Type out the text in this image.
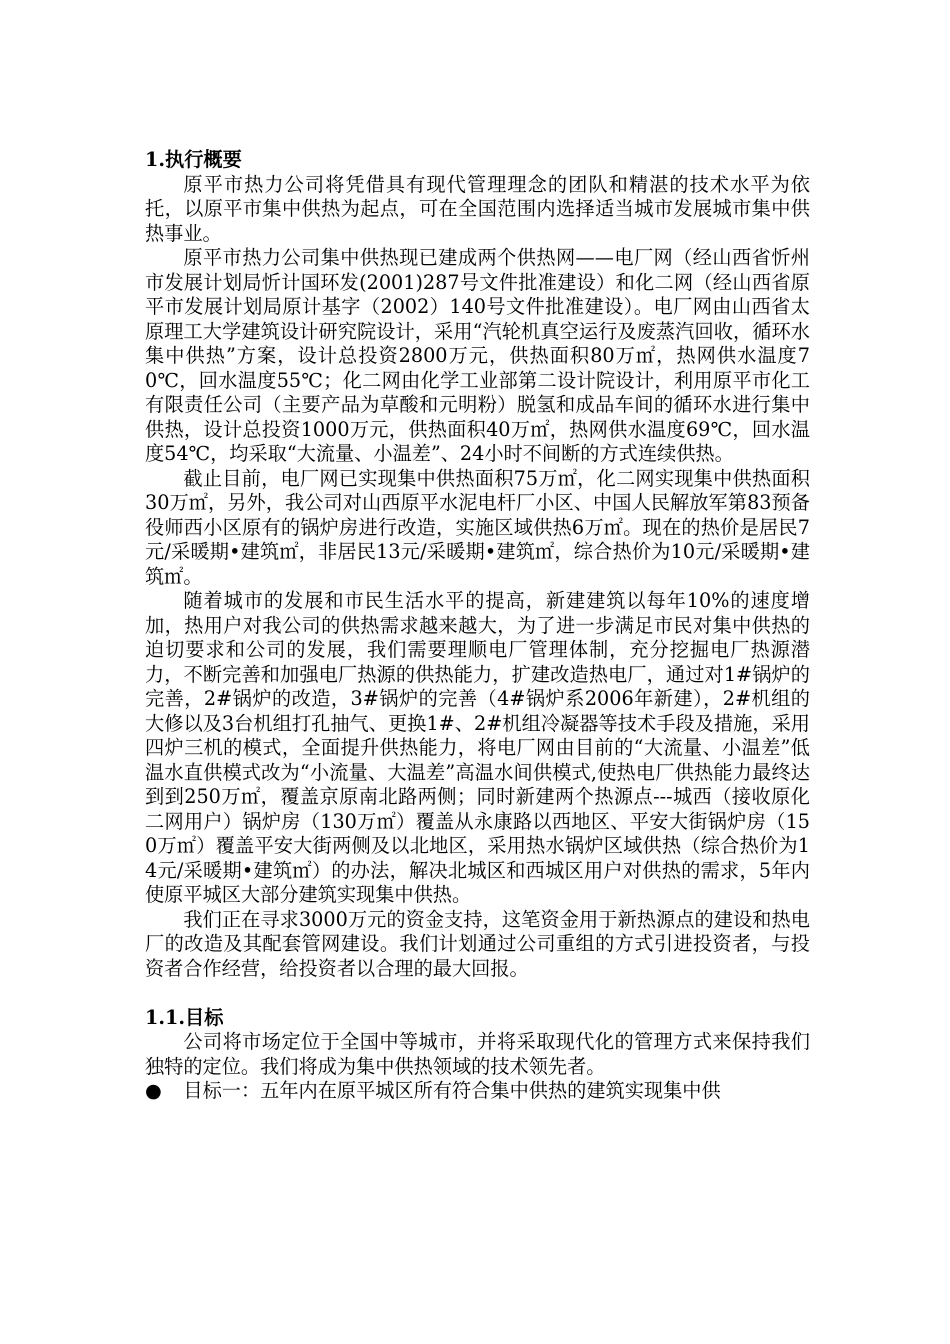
1.执行概要

原平市热力公司将凭借具有现代管理理念的团队和精湛的技术水平为依托，以原平市集中供热为起点，可在全国范围内选择适当城市发展城市集中供热事业。

原平市热力公司集中供热现已建成两个供热网——电厂网（经山西省忻州市发展计划局忻计国环发(2001)287号文件批准建设）和化二网（经山西省原平市发展计划局原计基字（2002）140号文件批准建设）。电厂网由山西省太原理工大学建筑设计研究院设计，采用“汽轮机真空运行及废蒸汽回收，循环水集中供热”方案，设计总投资2800万元，供热面积80万㎡，热网供水温度70℃，回水温度55℃；化二网由化学工业部第二设计院设计，利用原平市化工有限责任公司（主要产品为草酸和元明粉）脱氢和成品车间的循环水进行集中供热，设计总投资1000万元，供热面积40万㎡，热网供水温度69℃，回水温度54℃，均采取“大流量、小温差”、24小时不间断的方式连续供热。

截止目前，电厂网已实现集中供热面积75万㎡，化二网实现集中供热面积30万㎡，另外，我公司对山西原平水泥电杆厂小区、中国人民解放军第83预备役师西小区原有的锅炉房进行改造，实施区域供热6万㎡。现在的热价是居民7元/采暖期•建筑㎡，非居民13元/采暖期•建筑㎡，综合热价为10元/采暖期•建筑㎡。

随着城市的发展和市民生活水平的提高，新建建筑以每年10%的速度增加，热用户对我公司的供热需求越来越大，为了进一步满足市民对集中供热的迫切要求和公司的发展，我们需要理顺电厂管理体制，充分挖掘电厂热源潜力，不断完善和加强电厂热源的供热能力，扩建改造热电厂，通过对1#锅炉的完善，2#锅炉的改造，3#锅炉的完善（4#锅炉系2006年新建），2#机组的大修以及3台机组打孔抽气、更换1#、2#机组冷凝器等技术手段及措施，采用四炉三机的模式，全面提升供热能力，将电厂网由目前的“大流量、小温差”低温水直供模式改为“小流量、大温差”高温水间供模式,使热电厂供热能力最终达到到250万㎡，覆盖京原南北路两侧；同时新建两个热源点---城西（接收原化二网用户）锅炉房（130万㎡）覆盖从永康路以西地区、平安大街锅炉房（150万㎡）覆盖平安大街两侧及以北地区，采用热水锅炉区域供热（综合热价为14元/采暖期•建筑㎡）的办法，解决北城区和西城区用户对供热的需求，5年内使原平城区大部分建筑实现集中供热。

我们正在寻求3000万元的资金支持，这笔资金用于新热源点的建设和热电厂的改造及其配套管网建设。我们计划通过公司重组的方式引进投资者，与投资者合作经营，给投资者以合理的最大回报。

1.1.目标

公司将市场定位于全国中等城市，并将采取现代化的管理方式来保持我们独特的定位。我们将成为集中供热领域的技术领先者。

●	目标一：五年内在原平城区所有符合集中供热的建筑实现集中供
